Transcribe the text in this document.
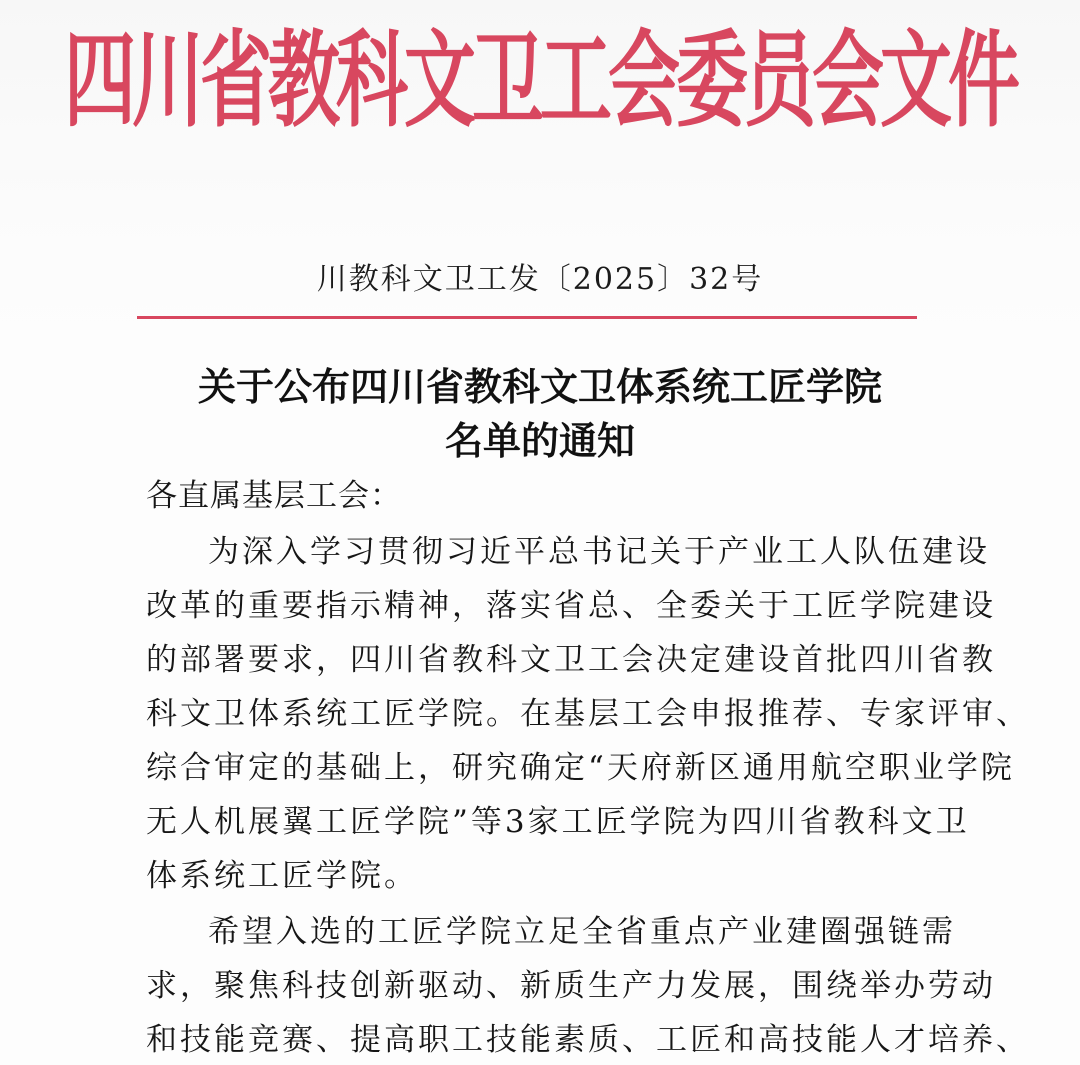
四川省教科文卫工会委员会文件
川教科文卫工发〔2025〕32号
关于公布四川省教科文卫体系统工匠学院
名单的通知
各直属基层工会：
为深入学习贯彻习近平总书记关于产业工人队伍建设
改革的重要指示精神，落实省总、全委关于工匠学院建设
的部署要求，四川省教科文卫工会决定建设首批四川省教
科文卫体系统工匠学院。在基层工会申报推荐、专家评审、
综合审定的基础上，研究确定“天府新区通用航空职业学院
无人机展翼工匠学院”等3家工匠学院为四川省教科文卫
体系统工匠学院。
希望入选的工匠学院立足全省重点产业建圈强链需
求，聚焦科技创新驱动、新质生产力发展，围绕举办劳动
和技能竞赛、提高职工技能素质、工匠和高技能人才培养、
